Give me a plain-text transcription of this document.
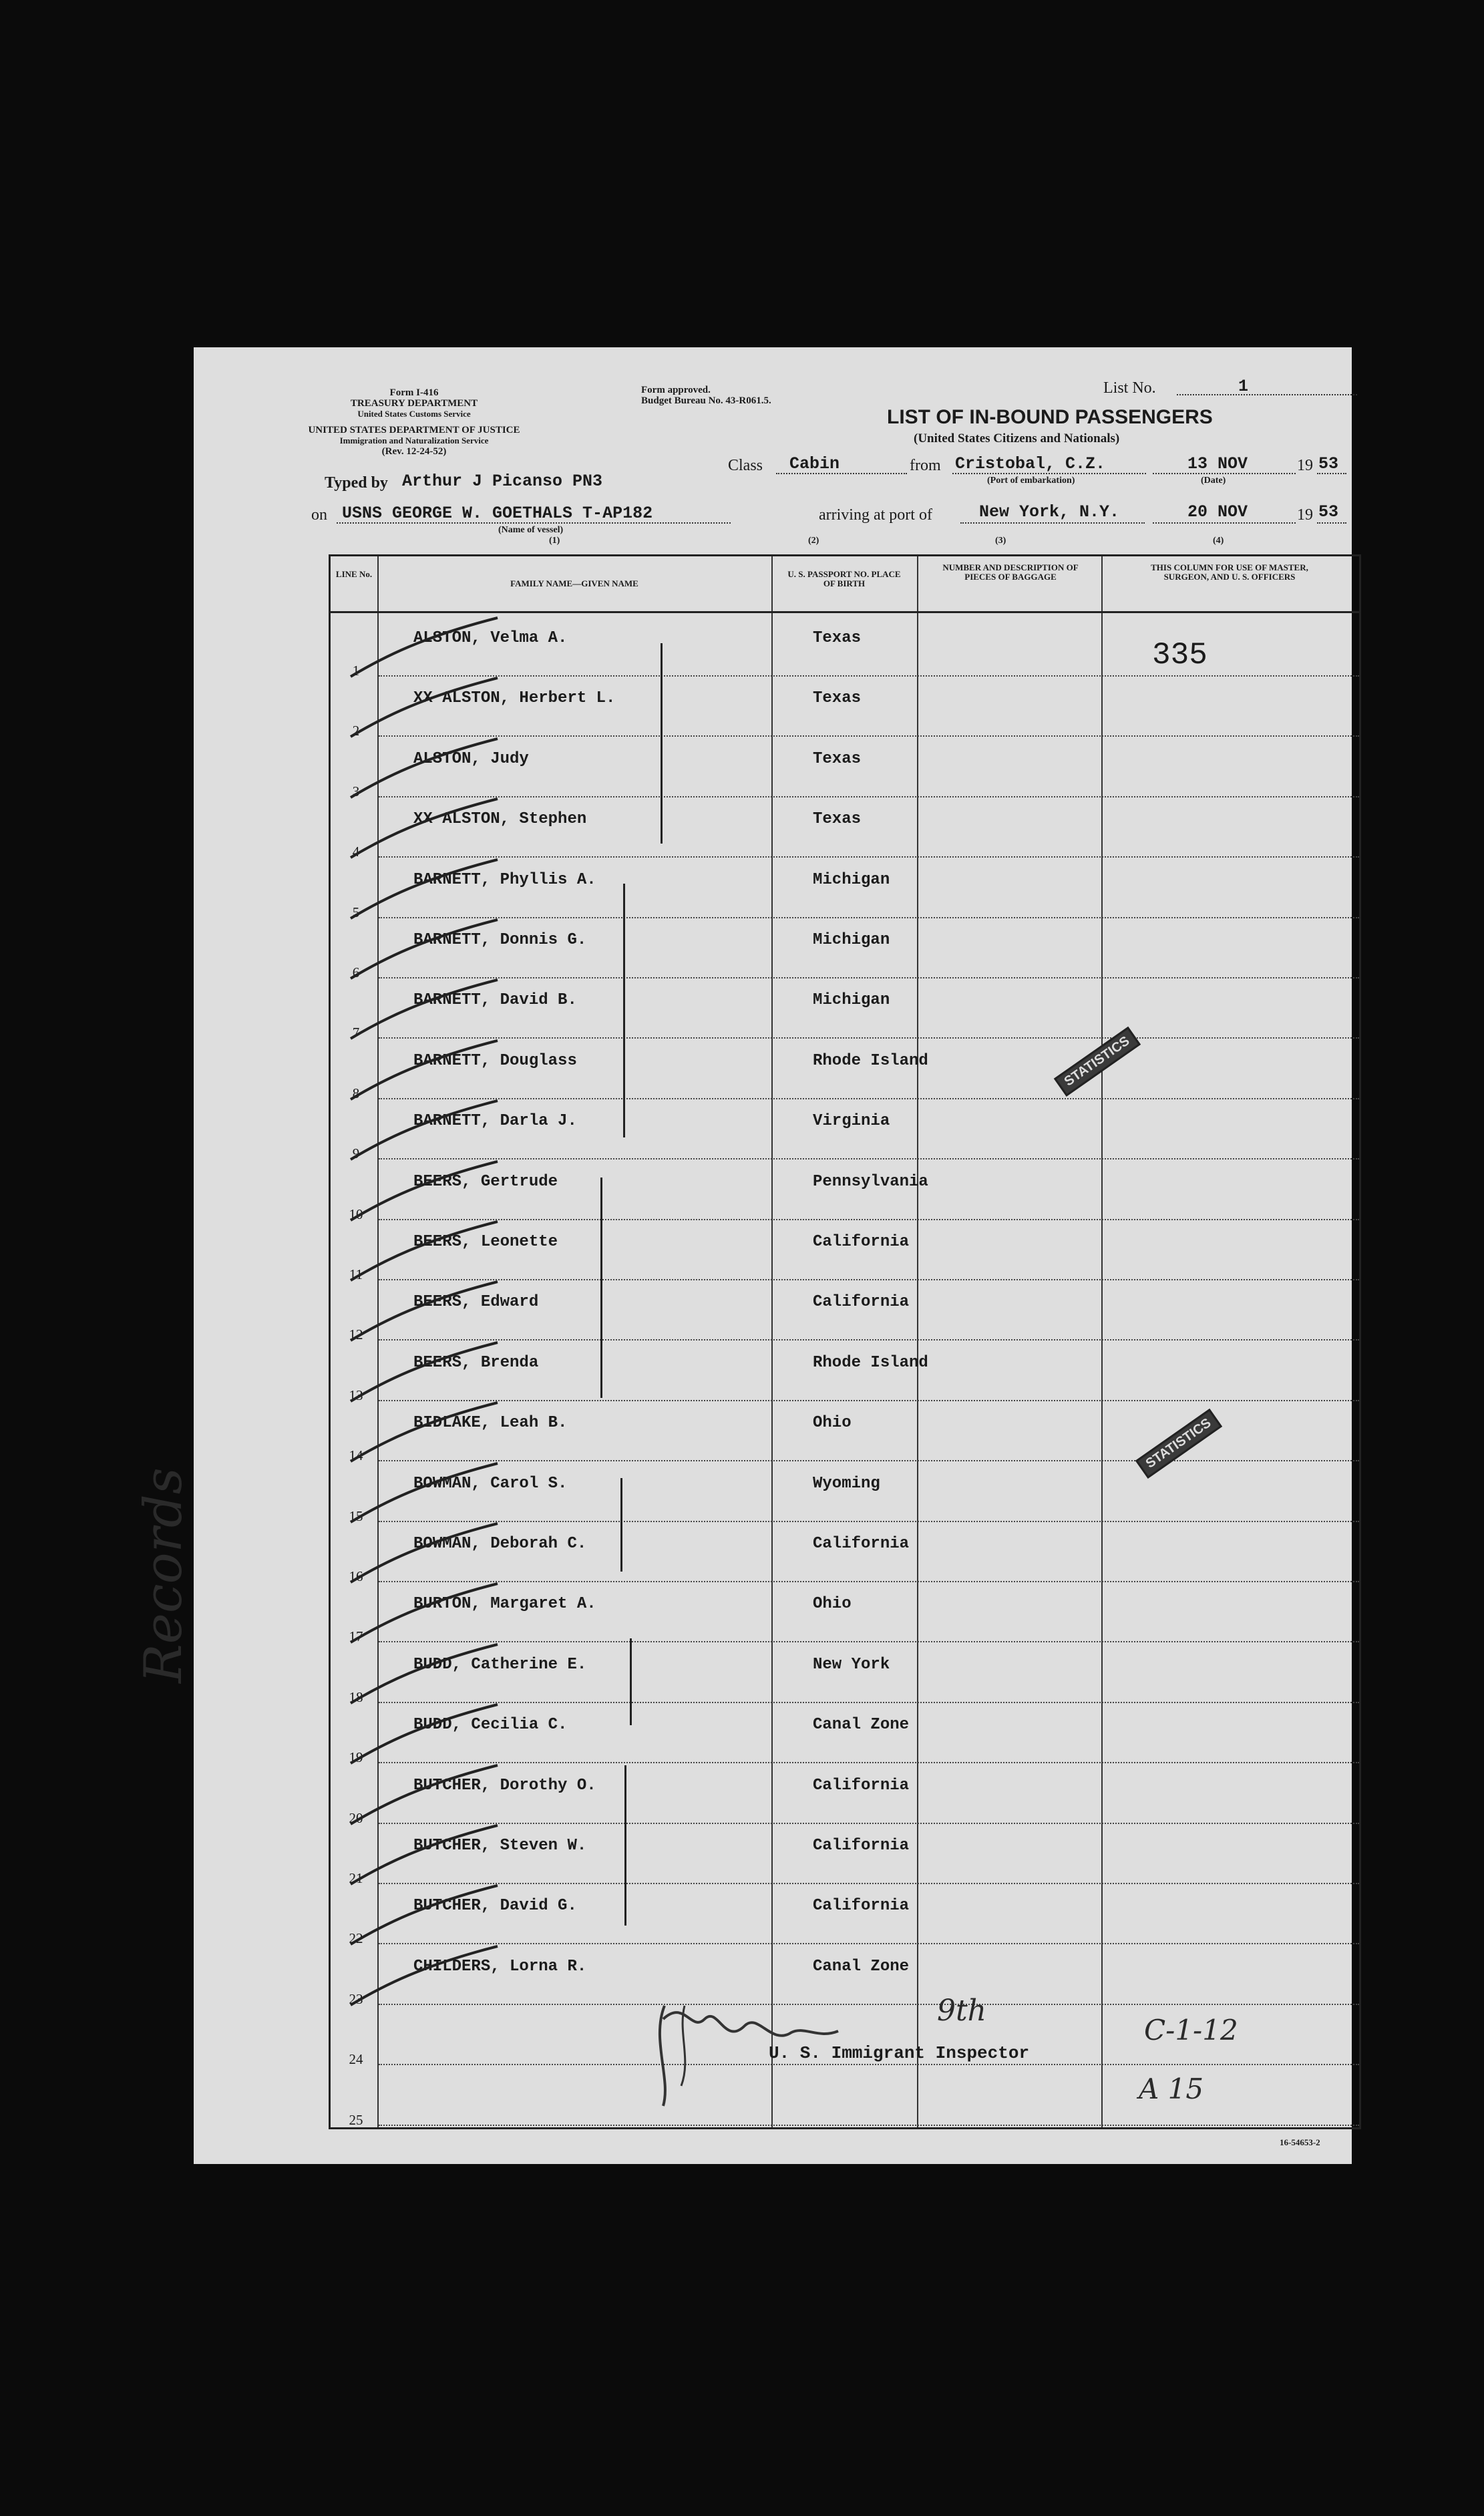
Form I-416
TREASURY DEPARTMENT
United States Customs Service
UNITED STATES DEPARTMENT OF JUSTICE
Immigration and Naturalization Service
(Rev. 12-24-52)
Form approved.
Budget Bureau No. 43-R061.5.
List No.	1
LIST OF IN-BOUND PASSENGERS
(United States Citizens and Nationals)
Class Cabin	from Cristobal, C.Z.
(Port of embarkation)
13 NOV	19 53
(Date)
Typed by Arthur J Picanso PN3
on USNS GEORGE W. GOETHALS T-AP182
(Name of vessel)
arriving at port of	New York, N.Y.	20 NOV	19 53
(1)	(2)	(3)	(4)
LINE No.
FAMILY NAME—GIVEN NAME
U. S. PASSPORT NO. PLACE OF BIRTH
NUMBER AND DESCRIPTION OF PIECES OF BAGGAGE
THIS COLUMN FOR USE OF MASTER, SURGEON, AND U. S. OFFICERS
1
ALSTON, Velma A.	Texas
2
XX ALSTON, Herbert L.	Texas
3
ALSTON, Judy	Texas
4
XX ALSTON, Stephen	Texas
5
BARNETT, Phyllis A.	Michigan
6
BARNETT, Donnis G.	Michigan
7
BARNETT, David B.	Michigan
8
BARNETT, Douglass	Rhode Island
9
BARNETT, Darla J.	Virginia
10
BEERS, Gertrude	Pennsylvania
11
BEERS, Leonette	California
12
BEERS, Edward	California
13
BEERS, Brenda	Rhode Island
14
BIDLAKE, Leah B.	Ohio
15
BOWMAN, Carol S.	Wyoming
16
BOWMAN, Deborah C.	California
17
BURTON, Margaret A.	Ohio
18
BUDD, Catherine E.	New York
19
BUDD, Cecilia C.	Canal Zone
20
BUTCHER, Dorothy O.	California
21
BUTCHER, Steven W.	California
22
BUTCHER, David G.	California
23
CHILDERS, Lorna R.	Canal Zone
24
25
335
U. S. Immigrant Inspector
9th
C-1-12
A 15
STATISTICS
STATISTICS
Records
16-54653-2
